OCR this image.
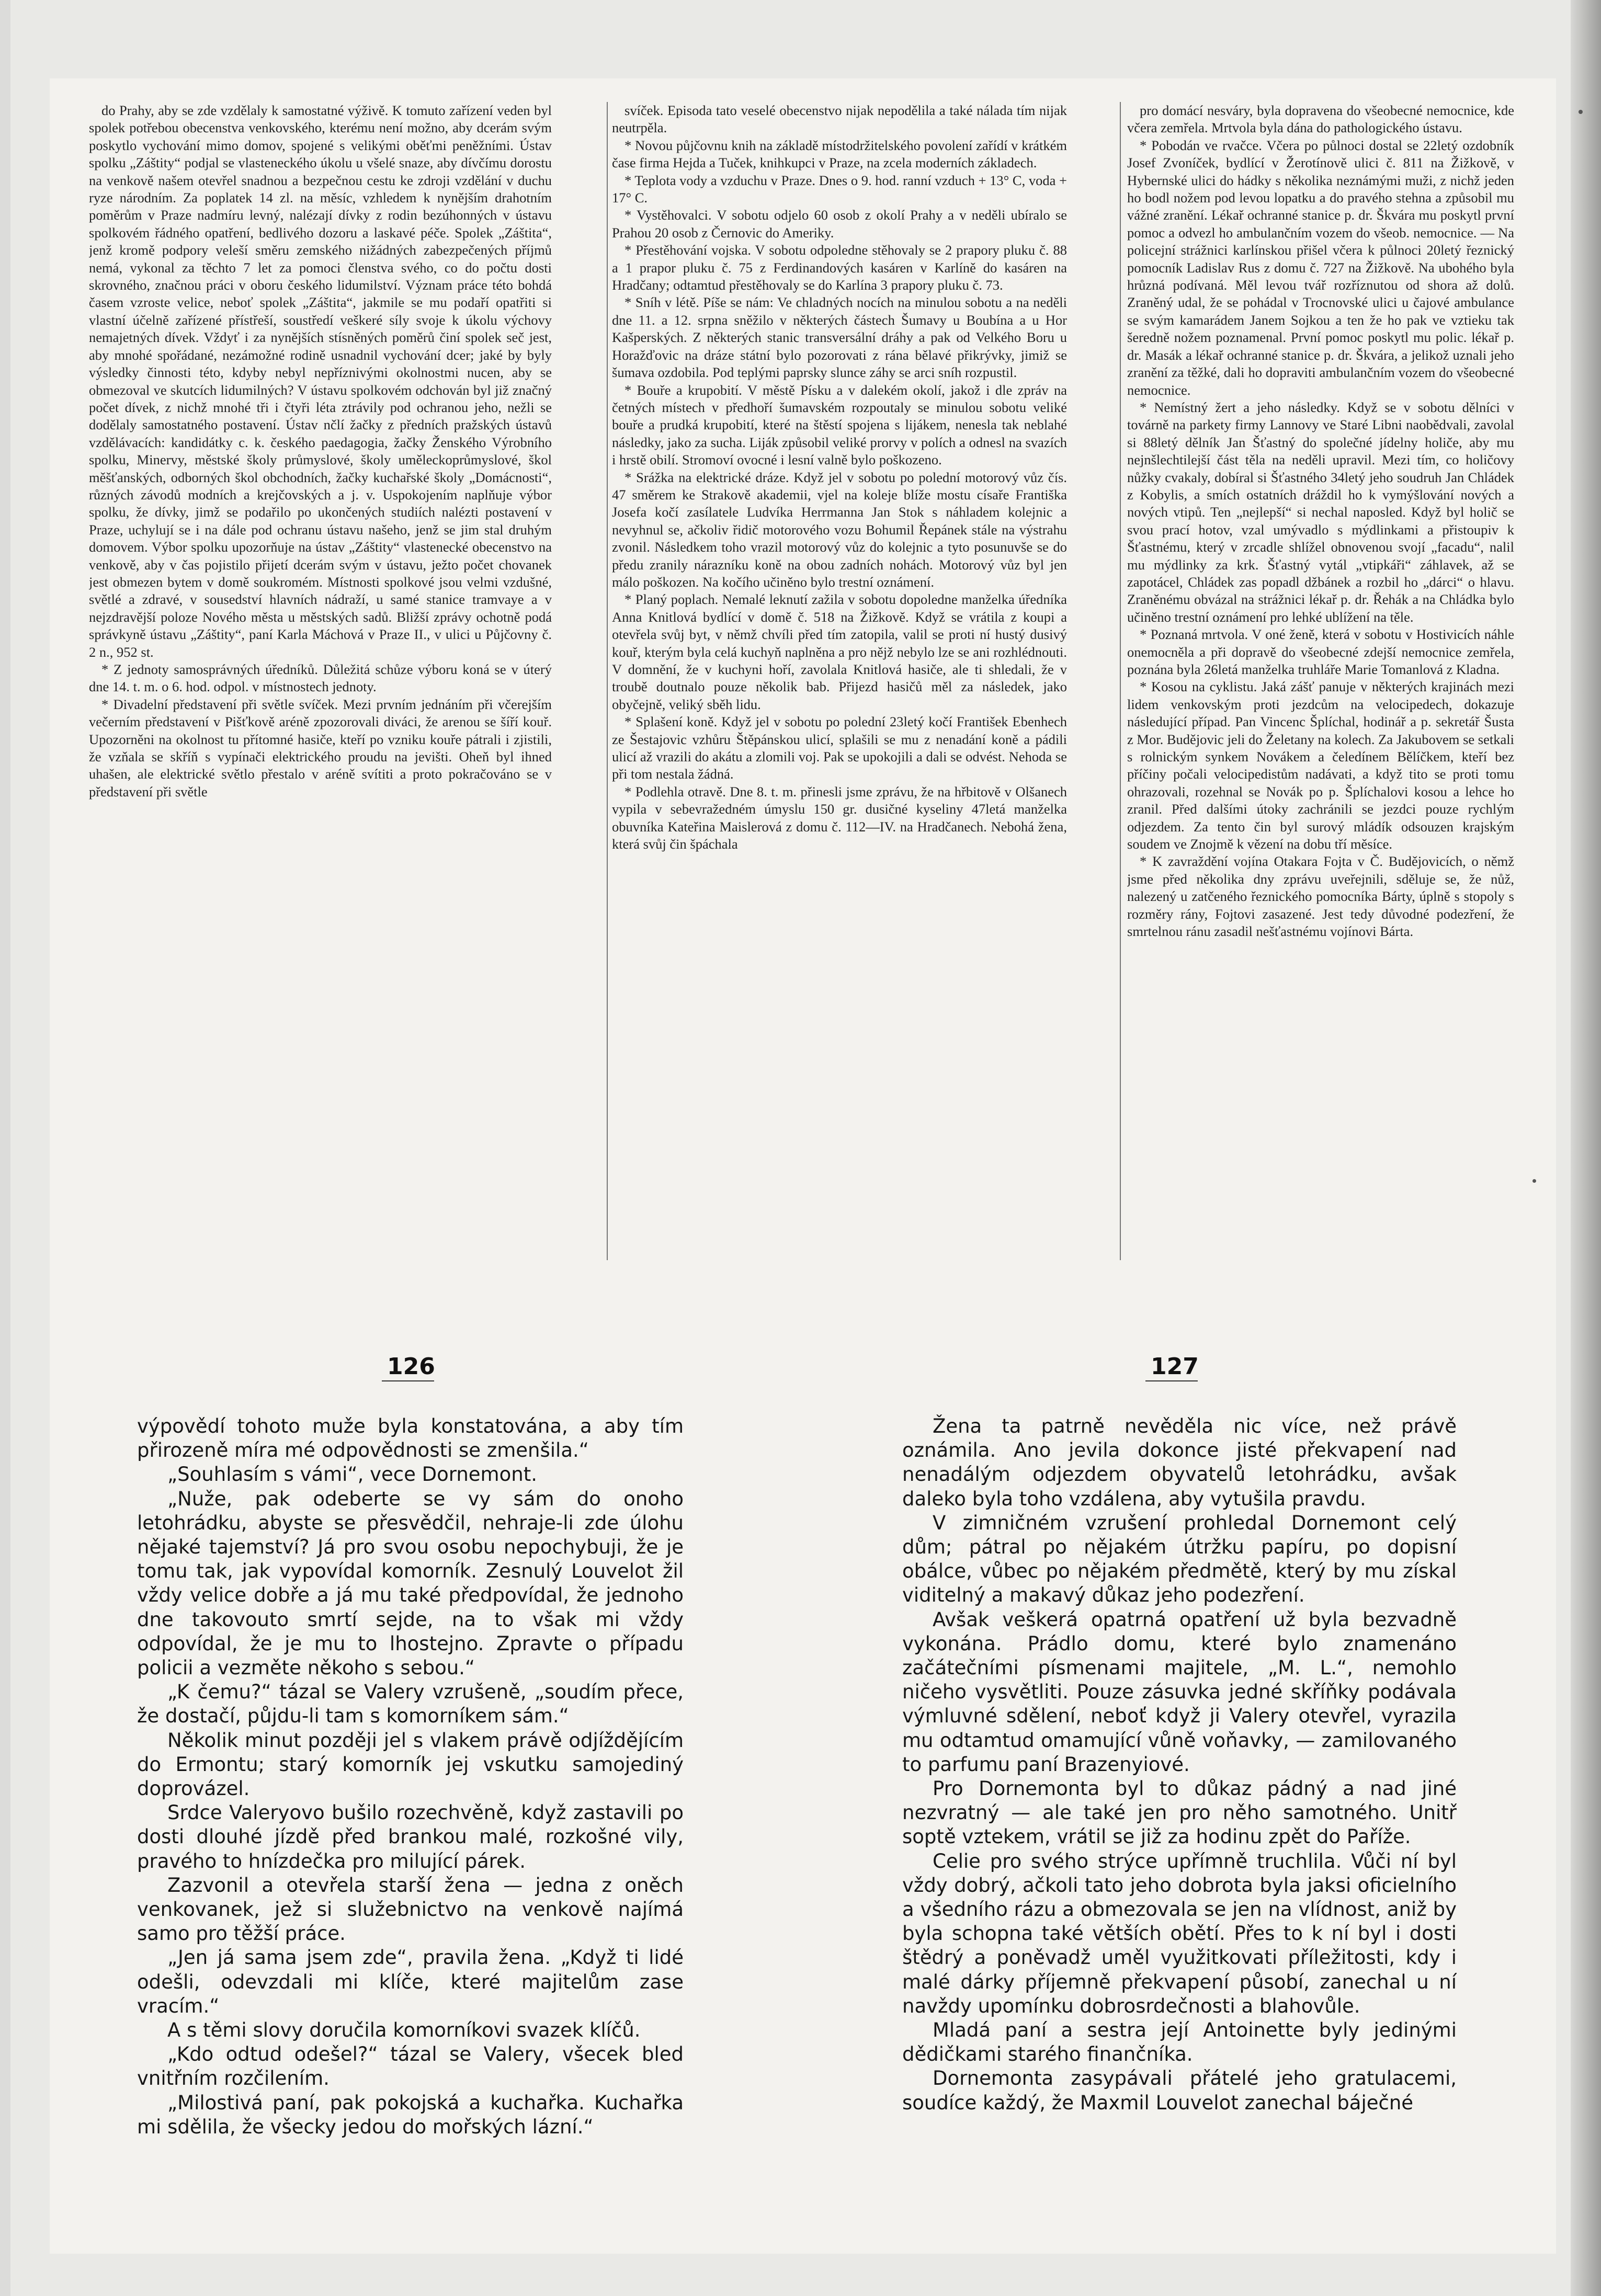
do Prahy, aby se zde vzdělaly k samostatné výživě. K tomuto zařízení veden byl spolek potřebou obecenstva venkovského, kterému není možno, aby dcerám svým poskytlo vychování mimo domov, spojené s velikými oběťmi peněžními. Ústav spolku „Záštity“ podjal se vlasteneckého úkolu u všelé snaze, aby dívčímu dorostu na venkově našem otevřel snadnou a bezpečnou cestu ke zdroji vzdělání v duchu ryze národním. Za poplatek 14 zl. na měsíc, vzhledem k nynějším drahotním poměrům v Praze nadmíru levný, nalézají dívky z rodin bezúhonných v ústavu spolkovém řádného opatření, bedlivého dozoru a laskavé péče. Spolek „Záštita“, jenž kromě podpory veleší směru zemského nižádných zabezpečených příjmů nemá, vykonal za těchto 7 let za pomoci členstva svého, co do počtu dosti skrovného, značnou práci v oboru českého lidumilství. Význam práce této bohdá časem vzroste velice, neboť spolek „Záštita“, jakmile se mu podaří opatřiti si vlastní účelně zařízené přístřeší, soustředí veškeré síly svoje k úkolu výchovy nemajetných dívek. Vždyť i za nynějších stísněných poměrů činí spolek seč jest, aby mnohé spořádané, nezámožné rodině usnadnil vychování dcer; jaké by byly výsledky činnosti této, kdyby nebyl nepříznivými okolnostmi nucen, aby se obmezoval ve skutcích lidumilných? V ústavu spolkovém odchován byl již značný počet dívek, z nichž mnohé tři i čtyři léta ztrávily pod ochranou jeho, nežli se dodělaly samostatného postavení. Ústav nčlí žačky z předních pražských ústavů vzdělávacích: kandidátky c. k. českého paedagogia, žačky Ženského Výrobního spolku, Minervy, městské školy průmyslové, školy uměleckoprůmyslové, škol měšťanských, odborných škol obchodních, žačky kuchařské školy „Domácnosti“, různých závodů modních a krejčovských a j. v. Uspokojením naplňuje výbor spolku, že dívky, jimž se podařilo po ukončených studiích nalézti postavení v Praze, uchylují se i na dále pod ochranu ústavu našeho, jenž se jim stal druhým domovem. Výbor spolku upozorňuje na ústav „Záštity“ vlastenecké obecenstvo na venkově, aby v čas pojistilo přijetí dcerám svým v ústavu, ježto počet chovanek jest obmezen bytem v domě soukromém. Místnosti spolkové jsou velmi vzdušné, světlé a zdravé, v sousedství hlavních nádraží, u samé stanice tramvaye a v nejzdravější poloze Nového města u městských sadů. Bližší zprávy ochotně podá správkyně ústavu „Záštity“, paní Karla Máchová v Praze II., v ulici u Půjčovny č. 2 n., 952 st.

* Z jednoty samosprávných úředníků. Důležitá schůze výboru koná se v úterý dne 14. t. m. o 6. hod. odpol. v místnostech jednoty.

* Divadelní představení při světle svíček. Mezi prvním jednáním při včerejším večerním představení v Pišťkově aréně zpozorovali diváci, že arenou se šíří kouř. Upozorněni na okolnost tu přítomné hasiče, kteří po vzniku kouře pátrali i zjistili, že vzňala se skříň s vypínači elektrického proudu na jevišti. Oheň byl ihned uhašen, ale elektrické světlo přestalo v aréně svítiti a proto pokračováno se v představení při světle

svíček. Episoda tato veselé obecenstvo nijak nepodělila a také nálada tím nijak neutrpěla.

* Novou půjčovnu knih na základě místodržitelského povolení zařídí v krátkém čase firma Hejda a Tuček, knihkupci v Praze, na zcela moderních základech.

* Teplota vody a vzduchu v Praze. Dnes o 9. hod. ranní vzduch + 13° C, voda + 17° C.

* Vystěhovalci. V sobotu odjelo 60 osob z okolí Prahy a v neděli ubíralo se Prahou 20 osob z Černovic do Ameriky.

* Přestěhování vojska. V sobotu odpoledne stěhovaly se 2 prapory pluku č. 88 a 1 prapor pluku č. 75 z Ferdinandových kasáren v Karlíně do kasáren na Hradčany; odtamtud přestěhovaly se do Karlína 3 prapory pluku č. 73.

* Sníh v létě. Píše se nám: Ve chladných nocích na minulou sobotu a na neděli dne 11. a 12. srpna sněžilo v některých částech Šumavy u Boubína a u Hor Kašperských. Z některých stanic transversální dráhy a pak od Velkého Boru u Horažďovic na dráze státní bylo pozorovati z rána bělavé přikrývky, jimiž se šumava ozdobila. Pod teplými paprsky slunce záhy se arci sníh rozpustil.

* Bouře a krupobití. V městě Písku a v dalekém okolí, jakož i dle zpráv na četných místech v předhoří šumavském rozpoutaly se minulou sobotu veliké bouře a prudká krupobití, které na štěstí spojena s lijákem, nenesla tak neblahé následky, jako za sucha. Liják způsobil veliké prorvy v polích a odnesl na svazích i hrstě obilí. Stromoví ovocné i lesní valně bylo poškozeno.

* Srážka na elektrické dráze. Když jel v sobotu po polední motorový vůz čís. 47 směrem ke Strakově akademii, vjel na koleje blíže mostu císaře Františka Josefa kočí zasílatele Ludvíka Herrmanna Jan Stok s náhladem kolejnic a nevyhnul se, ačkoliv řidič motorového vozu Bohumil Řepánek stále na výstrahu zvonil. Následkem toho vrazil motorový vůz do kolejnic a tyto posunuvše se do předu zranily nárazníku koně na obou zadních nohách. Motorový vůz byl jen málo poškozen. Na kočího učiněno bylo trestní oznámení.

* Planý poplach. Nemalé leknutí zažila v sobotu dopoledne manželka úředníka Anna Knitlová bydlící v domě č. 518 na Žižkově. Když se vrátila z koupi a otevřela svůj byt, v němž chvíli před tím zatopila, valil se proti ní hustý dusivý kouř, kterým byla celá kuchyň naplněna a pro nějž nebylo lze se ani rozhlédnouti. V domnění, že v kuchyni hoří, zavolala Knitlová hasiče, ale ti shledali, že v troubě doutnalo pouze několik bab. Přijezd hasičů měl za následek, jako obyčejně, veliký sběh lidu.

* Splašení koně. Když jel v sobotu po polední 23letý kočí František Ebenhech ze Šestajovic vzhůru Štěpánskou ulicí, splašili se mu z nenadání koně a pádili ulicí až vrazili do akátu a zlomili voj. Pak se upokojili a dali se odvést. Nehoda se při tom nestala žádná.

* Podlehla otravě. Dne 8. t. m. přinesli jsme zprávu, že na hřbitově v Olšanech vypila v sebevražedném úmyslu 150 gr. dusičné kyseliny 47letá manželka obuvníka Kateřina Maislerová z domu č. 112—IV. na Hradčanech. Nebohá žena, která svůj čin špáchala

pro domácí nesváry, byla dopravena do všeobecné nemocnice, kde včera zemřela. Mrtvola byla dána do pathologického ústavu.

* Pobodán ve rvačce. Včera po půlnoci dostal se 22letý ozdobník Josef Zvoníček, bydlící v Žerotínově ulici č. 811 na Žižkově, v Hybernské ulici do hádky s několika neznámými muži, z nichž jeden ho bodl nožem pod levou lopatku a do pravého stehna a způsobil mu vážné zranění. Lékař ochranné stanice p. dr. Škvára mu poskytl první pomoc a odvezl ho ambulančním vozem do všeob. nemocnice. — Na policejní strážnici karlínskou přišel včera k půlnoci 20letý řeznický pomocník Ladislav Rus z domu č. 727 na Žižkově. Na ubohého byla hrůzná podívaná. Měl levou tvář rozříznutou od shora až dolů. Zraněný udal, že se pohádal v Trocnovské ulici u čajové ambulance se svým kamarádem Janem Sojkou a ten že ho pak ve vztieku tak šeredně nožem poznamenal. První pomoc poskytl mu polic. lékař p. dr. Masák a lékař ochranné stanice p. dr. Škvára, a jelikož uznali jeho zranění za těžké, dali ho dopraviti ambulančním vozem do všeobecné nemocnice.

* Nemístný žert a jeho následky. Když se v sobotu dělníci v továrně na parkety firmy Lannovy ve Staré Libni naobědvali, zavolal si 88letý dělník Jan Šťastný do společné jídelny holiče, aby mu nejnšlechtilejší část těla na neděli upravil. Mezi tím, co holičovy nůžky cvakaly, dobíral si Šťastného 34letý jeho soudruh Jan Chládek z Kobylis, a smích ostatních dráždil ho k vymýšlování nových a nových vtipů. Ten „nejlepší“ si nechal naposled. Když byl holič se svou prací hotov, vzal umývadlo s mýdlinkami a přistoupiv k Šťastnému, který v zrcadle shlížel obnovenou svojí „facadu“, nalil mu mýdlinky za krk. Šťastný vytál „vtipkáři“ záhlavek, až se zapotácel, Chládek zas popadl džbánek a rozbil ho „dárci“ o hlavu. Zraněnému obvázal na strážnici lékař p. dr. Řehák a na Chládka bylo učiněno trestní oznámení pro lehké ublížení na těle.

* Poznaná mrtvola. V oné ženě, která v sobotu v Hostivicích náhle onemocněla a při dopravě do všeobecné zdejší nemocnice zemřela, poznána byla 26letá manželka truhláře Marie Tomanlová z Kladna.

* Kosou na cyklistu. Jaká zášť panuje v některých krajinách mezi lidem venkovským proti jezdcům na velocipedech, dokazuje následující případ. Pan Vincenc Šplíchal, hodinář a p. sekretář Šusta z Mor. Budějovic jeli do Želetany na kolech. Za Jakubovem se setkali s rolnickým synkem Novákem a čeledínem Bělíčkem, kteří bez příčiny počali velocipedistům nadávati, a když tito se proti tomu ohrazovali, rozehnal se Novák po p. Šplíchalovi kosou a lehce ho zranil. Před dalšími útoky zachránili se jezdci pouze rychlým odjezdem. Za tento čin byl surový mládík odsouzen krajským soudem ve Znojmě k vězení na dobu tří měsíce.

* K zavraždění vojína Otakara Fojta v Č. Budějovicích, o němž jsme před několika dny zprávu uveřejnili, sděluje se, že nůž, nalezený u zatčeného řeznického pomocníka Bárty, úplně s stopoly s rozměry rány, Fojtovi zasazené. Jest tedy důvodné podezření, že smrtelnou ránu zasadil nešťastnému vojínovi Bárta.

126	127

výpovědí tohoto muže byla konstatována, a aby tím přirozeně míra mé odpovědnosti se zmenšila.“

„Souhlasím s vámi“, vece Dornemont.

„Nuže, pak odeberte se vy sám do onoho letohrádku, abyste se přesvědčil, nehraje-li zde úlohu nějaké tajemství? Já pro svou osobu nepochybuji, že je tomu tak, jak vypovídal komorník. Zesnulý Louvelot žil vždy velice dobře a já mu také předpovídal, že jednoho dne takovouto smrtí sejde, na to však mi vždy odpovídal, že je mu to lhostejno. Zpravte o případu policii a vezměte někoho s sebou.“

„K čemu?“ tázal se Valery vzrušeně, „soudím přece, že dostačí, půjdu-li tam s komorníkem sám.“

Několik minut později jel s vlakem právě odjíždějícím do Ermontu; starý komorník jej vskutku samojediný doprovázel.

Srdce Valeryovo bušilo rozechvěně, když zastavili po dosti dlouhé jízdě před brankou malé, rozkošné vily, pravého to hnízdečka pro milující párek.

Zazvonil a otevřela starší žena — jedna z oněch venkovanek, jež si služebnictvo na venkově najímá samo pro těžší práce.

„Jen já sama jsem zde“, pravila žena. „Když ti lidé odešli, odevzdali mi klíče, které majitelům zase vracím.“

A s těmi slovy doručila komorníkovi svazek klíčů.

„Kdo odtud odešel?“ tázal se Valery, všecek bled vnitřním rozčilením.

„Milostivá paní, pak pokojská a kuchařka. Kuchařka mi sdělila, že všecky jedou do mořských lázní.“

Žena ta patrně nevěděla nic více, než právě oznámila. Ano jevila dokonce jisté překvapení nad nenadálým odjezdem obyvatelů letohrádku, avšak daleko byla toho vzdálena, aby vytušila pravdu.

V zimničném vzrušení prohledal Dornemont celý dům; pátral po nějakém útržku papíru, po dopisní obálce, vůbec po nějakém předmětě, který by mu získal viditelný a makavý důkaz jeho podezření.

Avšak veškerá opatrná opatření už byla bezvadně vykonána. Prádlo domu, které bylo znamenáno začátečními písmenami majitele, „M. L.“, nemohlo ničeho vysvětliti. Pouze zásuvka jedné skříňky podávala výmluvné sdělení, neboť když ji Valery otevřel, vyrazila mu odtamtud omamující vůně voňavky, — zamilovaného to parfumu paní Brazenyiové.

Pro Dornemonta byl to důkaz pádný a nad jiné nezvratný — ale také jen pro něho samotného. Unitř soptě vztekem, vrátil se již za hodinu zpět do Paříže.

Celie pro svého strýce upřímně truchlila. Vůči ní byl vždy dobrý, ačkoli tato jeho dobrota byla jaksi oficielního a všedního rázu a obmezovala se jen na vlídnost, aniž by byla schopna také větších obětí. Přes to k ní byl i dosti štědrý a poněvadž uměl využitkovati příležitosti, kdy i malé dárky příjemně překvapení působí, zanechal u ní navždy upomínku dobrosrdečnosti a blahovůle.

Mladá paní a sestra její Antoinette byly jedinými dědičkami starého finančníka.

Dornemonta zasypávali přátelé jeho gratulacemi, soudíce každý, že Maxmil Louvelot zanechal báječné
